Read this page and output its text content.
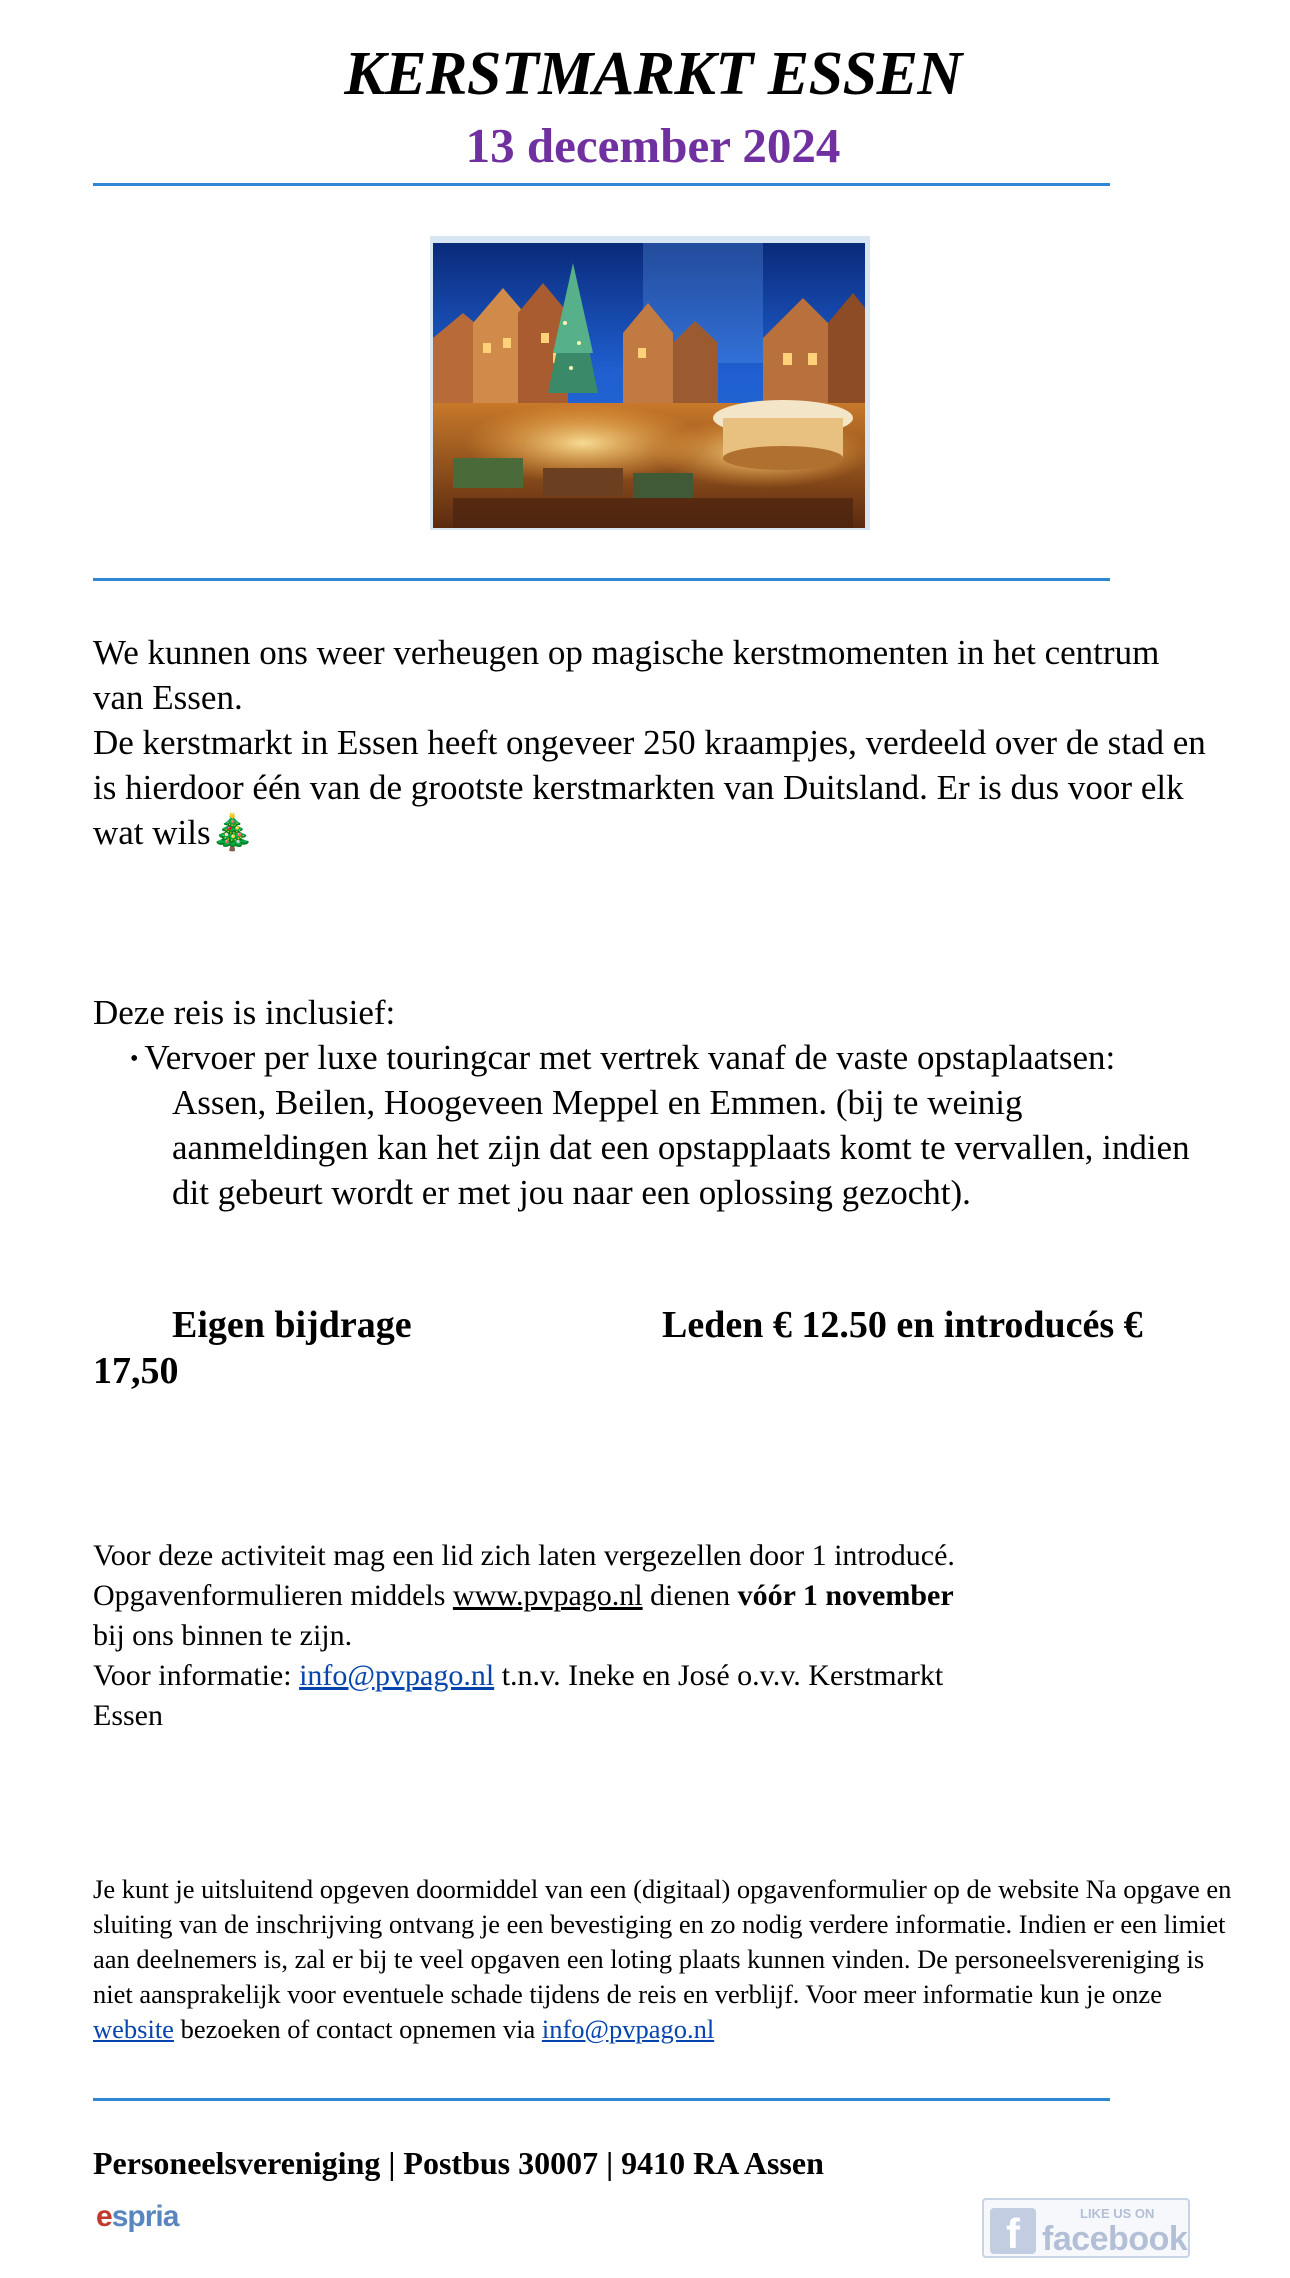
KERSTMARKT ESSEN
13 december 2024
We kunnen ons weer verheugen op magische kerstmomenten in het centrum van Essen.
De kerstmarkt in Essen heeft ongeveer 250 kraampjes, verdeeld over de stad en is hierdoor één van de grootste kerstmarkten van Duitsland. Er is dus voor elk wat wils🎄
Deze reis is inclusief:
• Vervoer per luxe touringcar met vertrek vanaf de vaste opstaplaatsen:
Assen, Beilen, Hoogeveen Meppel en Emmen. (bij te weinig aanmeldingen kan het zijn dat een opstapplaats komt te vervallen, indien dit gebeurt wordt er met jou naar een oplossing gezocht).
Eigen bijdrage	Leden € 12.50 en introducés €
17,50
Voor deze activiteit mag een lid zich laten vergezellen door 1 introducé.
Opgavenformulieren middels www.pvpago.nl dienen vóór 1 november bij ons binnen te zijn.
Voor informatie: info@pvpago.nl t.n.v. Ineke en José o.v.v. Kerstmarkt Essen
Je kunt je uitsluitend opgeven doormiddel van een (digitaal) opgavenformulier op de website Na opgave en sluiting van de inschrijving ontvang je een bevestiging en zo nodig verdere informatie. Indien er een limiet aan deelnemers is, zal er bij te veel opgaven een loting plaats kunnen vinden. De personeelsvereniging is niet aansprakelijk voor eventuele schade tijdens de reis en verblijf. Voor meer informatie kun je onze website bezoeken of contact opnemen via info@pvpago.nl
Personeelsvereniging | Postbus 30007 | 9410 RA Assen
espria	f	LIKE US ON
facebook
